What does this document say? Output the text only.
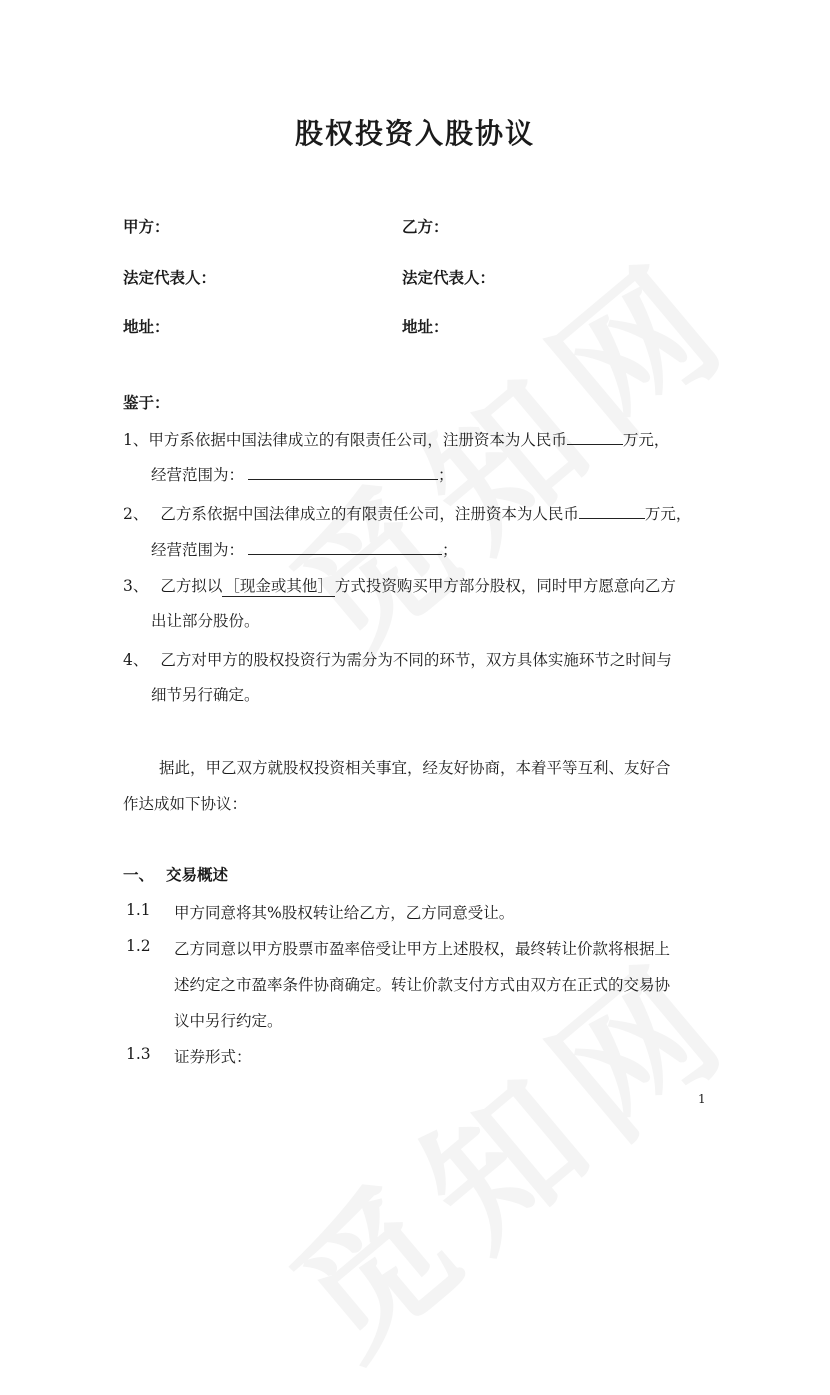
股权投资入股协议
甲方：	乙方：
法定代表人：	法定代表人：
地址：	地址：
鉴于：
1、甲方系依据中国法律成立的有限责任公司，注册资本为人民币	万元，
经营范围为：	；
2、 乙方系依据中国法律成立的有限责任公司，注册资本为人民币	万元，
经营范围为：	；
3、 乙方拟以 ［现金或其他］ 方式投资购买甲方部分股权，同时甲方愿意向乙方
出让部分股份。
4、 乙方对甲方的股权投资行为需分为不同的环节，双方具体实施环节之时间与
细节另行确定。
据此，甲乙双方就股权投资相关事宜，经友好协商，本着平等互利、友好合
作达成如下协议：
一、 交易概述
1.1 甲方同意将其%股权转让给乙方，乙方同意受让。
1.2 乙方同意以甲方股票市盈率倍受让甲方上述股权，最终转让价款将根据上
述约定之市盈率条件协商确定。转让价款支付方式由双方在正式的交易协
议中另行约定。
1.3 证券形式：
1
